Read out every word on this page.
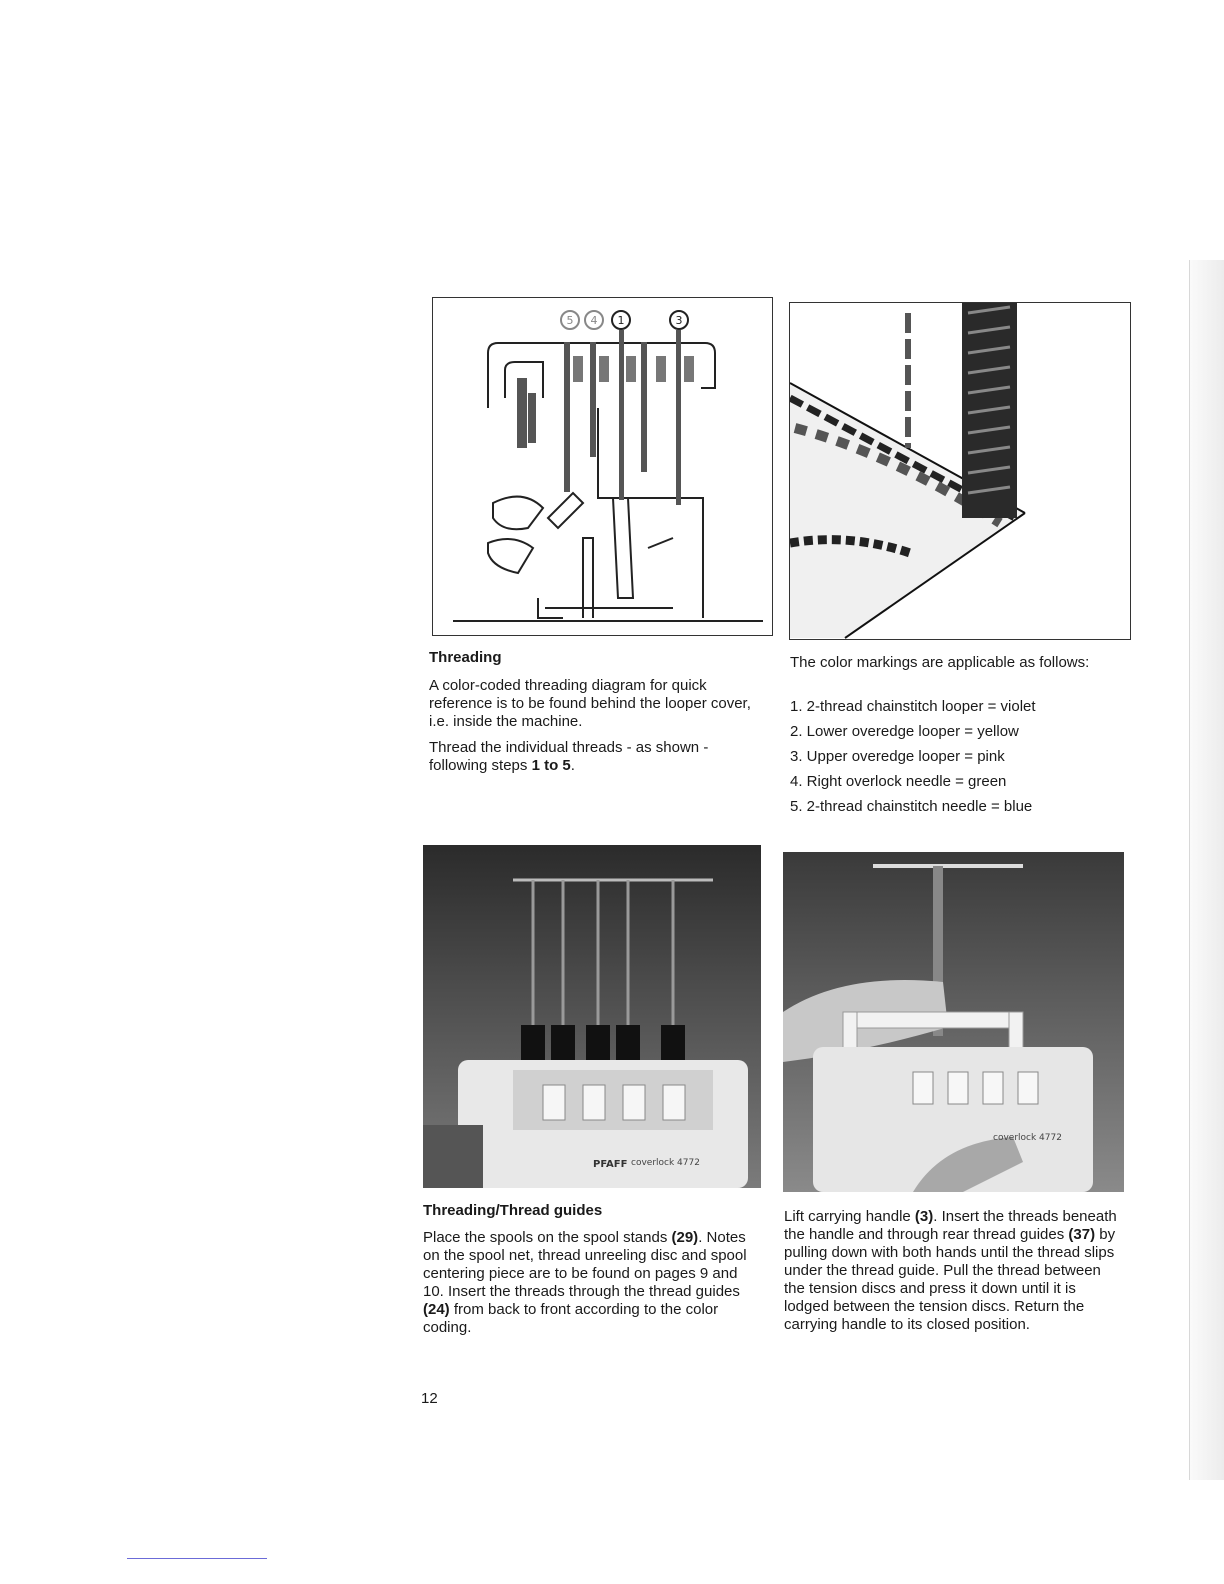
5 4 1	3
Threading

A color-coded threading diagram for quick reference is to be found behind the looper cover, i.e. inside the machine.

Thread the individual threads - as shown - following steps 1 to 5.

The color markings are applicable as follows:

1. 2-thread chainstitch looper = violet
2. Lower overedge looper = yellow
3. Upper overedge looper = pink
4. Right overlock needle = green
5. 2-thread chainstitch needle = blue
PFAFF coverlock 4772
coverlock 4772
Threading/Thread guides

Place the spools on the spool stands (29). Notes on the spool net, thread unreeling disc and spool centering piece are to be found on pages 9 and 10. Insert the threads through the thread guides (24) from back to front according to the color coding.

Lift carrying handle (3). Insert the threads beneath the handle and through rear thread guides (37) by pulling down with both hands until the thread slips under the thread guide. Pull the thread between the tension discs and press it down until it is lodged between the tension discs. Return the carrying handle to its closed position.

12
